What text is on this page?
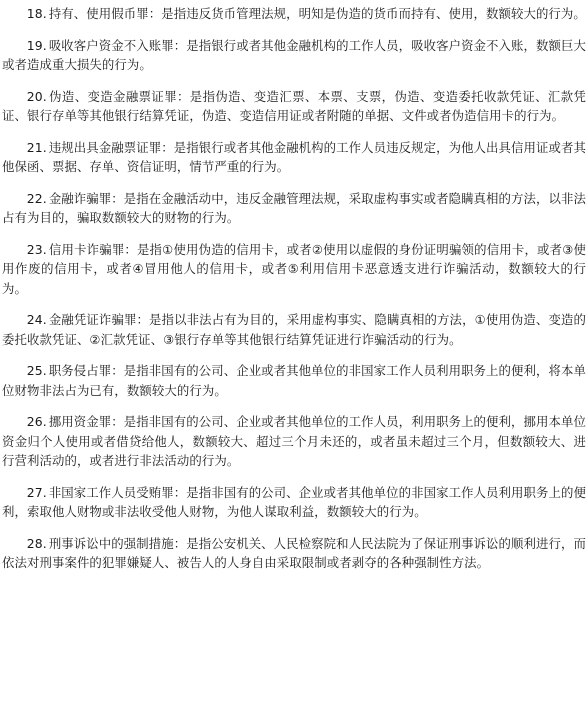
18. 持有、使用假币罪：是指违反货币管理法规，明知是伪造的货币而持有、使用，数额较大的行为。

19. 吸收客户资金不入账罪：是指银行或者其他金融机构的工作人员，吸收客户资金不入账，数额巨大或者造成重大损失的行为。

20. 伪造、变造金融票证罪：是指伪造、变造汇票、本票、支票，伪造、变造委托收款凭证、汇款凭证、银行存单等其他银行结算凭证，伪造、变造信用证或者附随的单据、文件或者伪造信用卡的行为。

21. 违规出具金融票证罪：是指银行或者其他金融机构的工作人员违反规定，为他人出具信用证或者其他保函、票据、存单、资信证明，情节严重的行为。

22. 金融诈骗罪：是指在金融活动中，违反金融管理法规，采取虚构事实或者隐瞒真相的方法，以非法占有为目的，骗取数额较大的财物的行为。

23. 信用卡诈骗罪：是指①使用伪造的信用卡，或者②使用以虚假的身份证明骗领的信用卡，或者③使用作废的信用卡，或者④冒用他人的信用卡，或者⑤利用信用卡恶意透支进行诈骗活动，数额较大的行为。

24. 金融凭证诈骗罪：是指以非法占有为目的，采用虚构事实、隐瞒真相的方法，①使用伪造、变造的委托收款凭证、②汇款凭证、③银行存单等其他银行结算凭证进行诈骗活动的行为。

25. 职务侵占罪：是指非国有的公司、企业或者其他单位的非国家工作人员利用职务上的便利，将本单位财物非法占为已有，数额较大的行为。

26. 挪用资金罪：是指非国有的公司、企业或者其他单位的工作人员，利用职务上的便利，挪用本单位资金归个人使用或者借贷给他人，数额较大、超过三个月未还的，或者虽未超过三个月，但数额较大、进行营利活动的，或者进行非法活动的行为。

27. 非国家工作人员受贿罪：是指非国有的公司、企业或者其他单位的非国家工作人员利用职务上的便利，索取他人财物或非法收受他人财物，为他人谋取利益，数额较大的行为。

28. 刑事诉讼中的强制措施：是指公安机关、人民检察院和人民法院为了保证刑事诉讼的顺利进行，而依法对刑事案件的犯罪嫌疑人、被告人的人身自由采取限制或者剥夺的各种强制性方法。
